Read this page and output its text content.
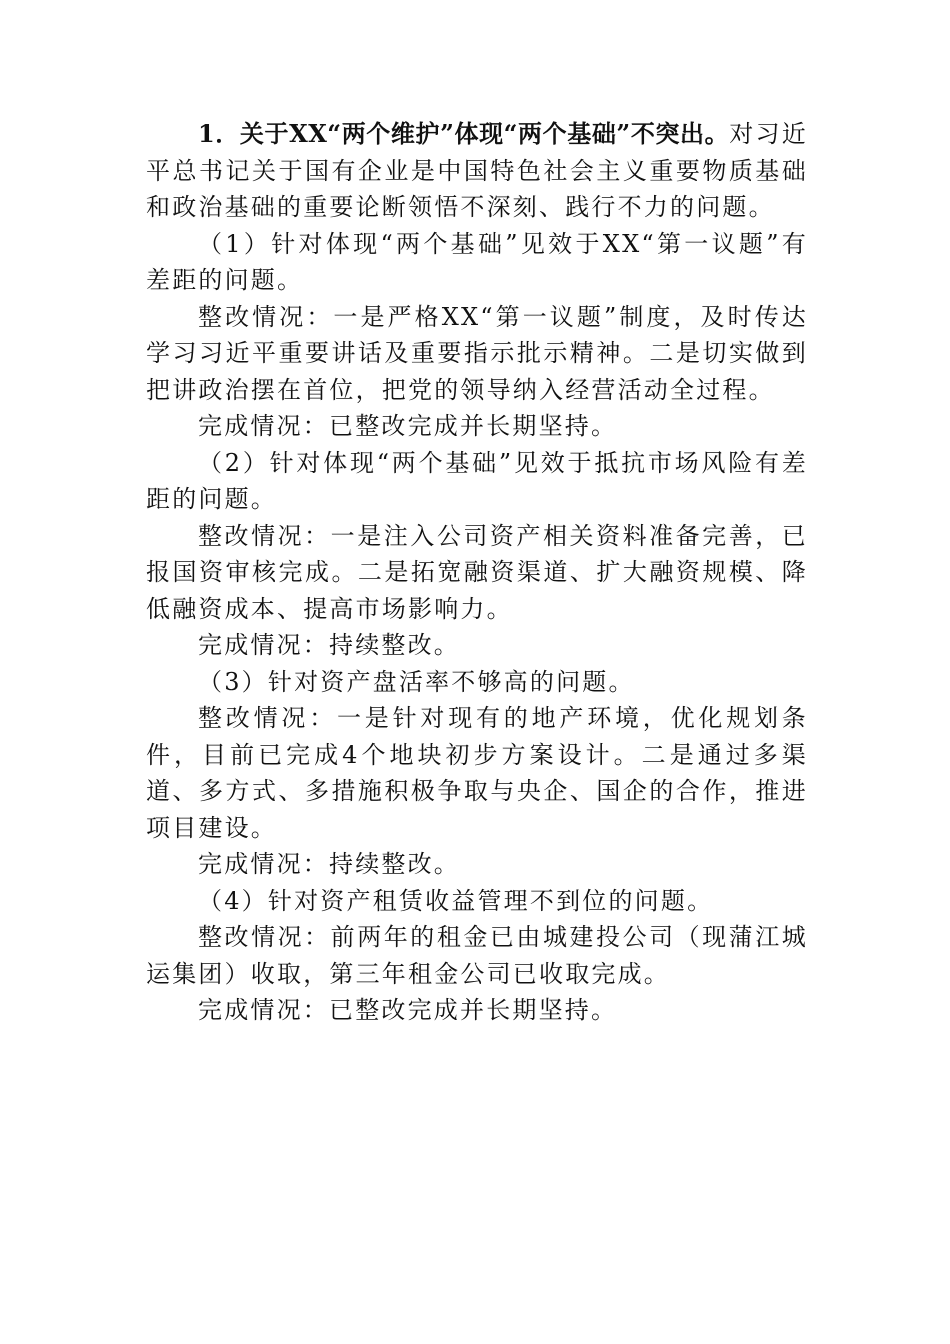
1．关于XX“两个维护”体现“两个基础”不突出。对习近平总书记关于国有企业是中国特色社会主义重要物质基础和政治基础的重要论断领悟不深刻、践行不力的问题。

（1）针对体现“两个基础”见效于XX“第一议题”有差距的问题。

整改情况：一是严格XX“第一议题”制度，及时传达学习习近平重要讲话及重要指示批示精神。二是切实做到把讲政治摆在首位，把党的领导纳入经营活动全过程。

完成情况：已整改完成并长期坚持。

（2）针对体现“两个基础”见效于抵抗市场风险有差距的问题。

整改情况：一是注入公司资产相关资料准备完善，已报国资审核完成。二是拓宽融资渠道、扩大融资规模、降低融资成本、提高市场影响力。

完成情况：持续整改。

（3）针对资产盘活率不够高的问题。

整改情况：一是针对现有的地产环境，优化规划条件，目前已完成4个地块初步方案设计。二是通过多渠道、多方式、多措施积极争取与央企、国企的合作，推进项目建设。

完成情况：持续整改。

（4）针对资产租赁收益管理不到位的问题。

整改情况：前两年的租金已由城建投公司（现蒲江城运集团）收取，第三年租金公司已收取完成。

完成情况：已整改完成并长期坚持。
